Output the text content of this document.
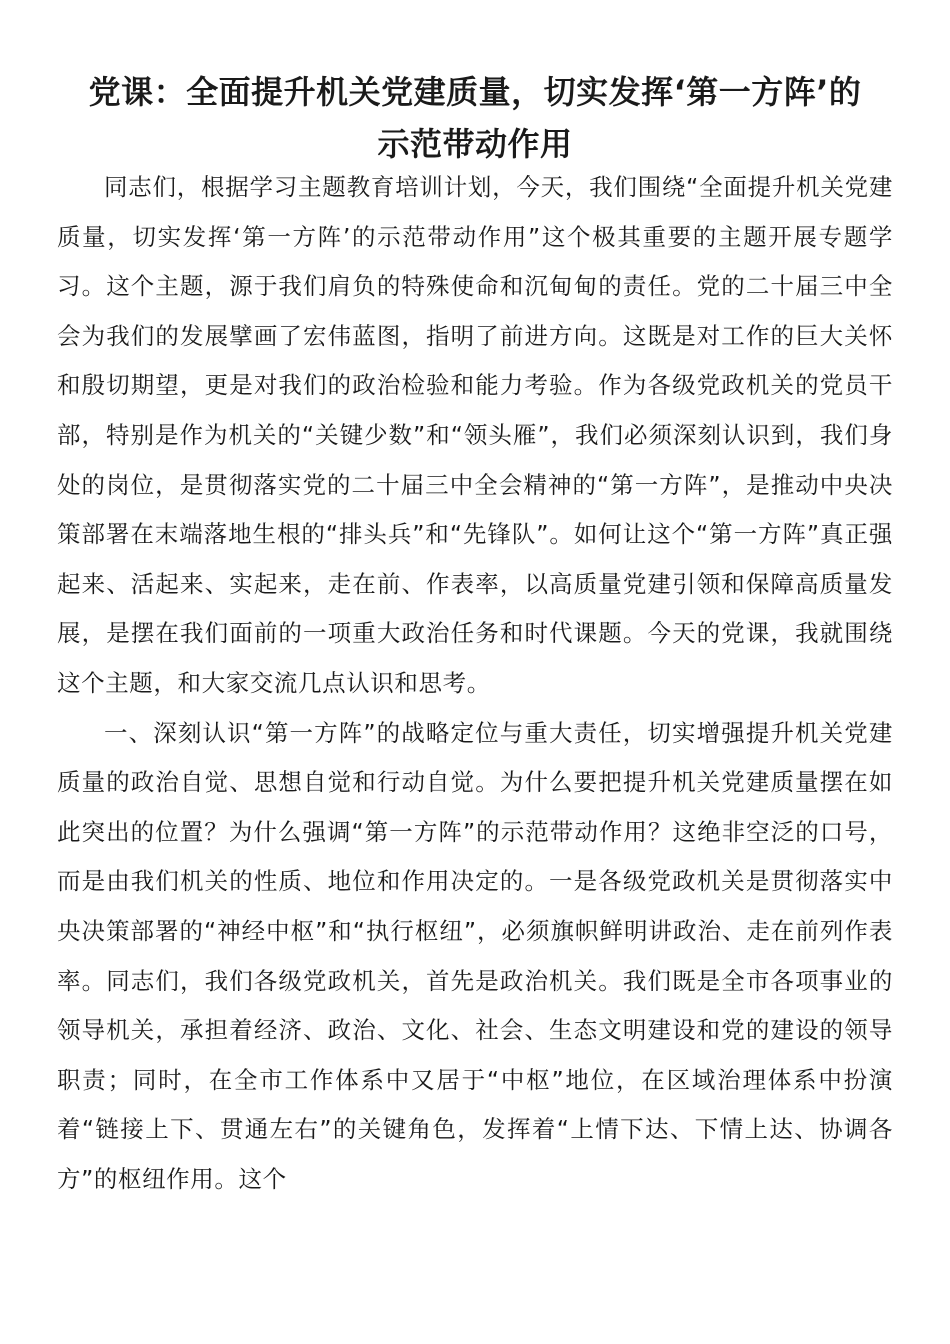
党课：全面提升机关党建质量，切实发挥‘第一方阵’的示范带动作用

同志们，根据学习主题教育培训计划，今天，我们围绕“全面提升机关党建质量，切实发挥‘第一方阵’的示范带动作用”这个极其重要的主题开展专题学习。这个主题，源于我们肩负的特殊使命和沉甸甸的责任。党的二十届三中全会为我们的发展擘画了宏伟蓝图，指明了前进方向。这既是对工作的巨大关怀和殷切期望，更是对我们的政治检验和能力考验。作为各级党政机关的党员干部，特别是作为机关的“关键少数”和“领头雁”，我们必须深刻认识到，我们身处的岗位，是贯彻落实党的二十届三中全会精神的“第一方阵”，是推动中央决策部署在末端落地生根的“排头兵”和“先锋队”。如何让这个“第一方阵”真正强起来、活起来、实起来，走在前、作表率，以高质量党建引领和保障高质量发展，是摆在我们面前的一项重大政治任务和时代课题。今天的党课，我就围绕这个主题，和大家交流几点认识和思考。

一、深刻认识“第一方阵”的战略定位与重大责任，切实增强提升机关党建质量的政治自觉、思想自觉和行动自觉。为什么要把提升机关党建质量摆在如此突出的位置？为什么强调“第一方阵”的示范带动作用？这绝非空泛的口号，而是由我们机关的性质、地位和作用决定的。一是各级党政机关是贯彻落实中央决策部署的“神经中枢”和“执行枢纽”，必须旗帜鲜明讲政治、走在前列作表率。同志们，我们各级党政机关，首先是政治机关。我们既是全市各项事业的领导机关，承担着经济、政治、文化、社会、生态文明建设和党的建设的领导职责；同时，在全市工作体系中又居于“中枢”地位，在区域治理体系中扮演着“链接上下、贯通左右”的关键角色，发挥着“上情下达、下情上达、协调各方”的枢纽作用。这个
